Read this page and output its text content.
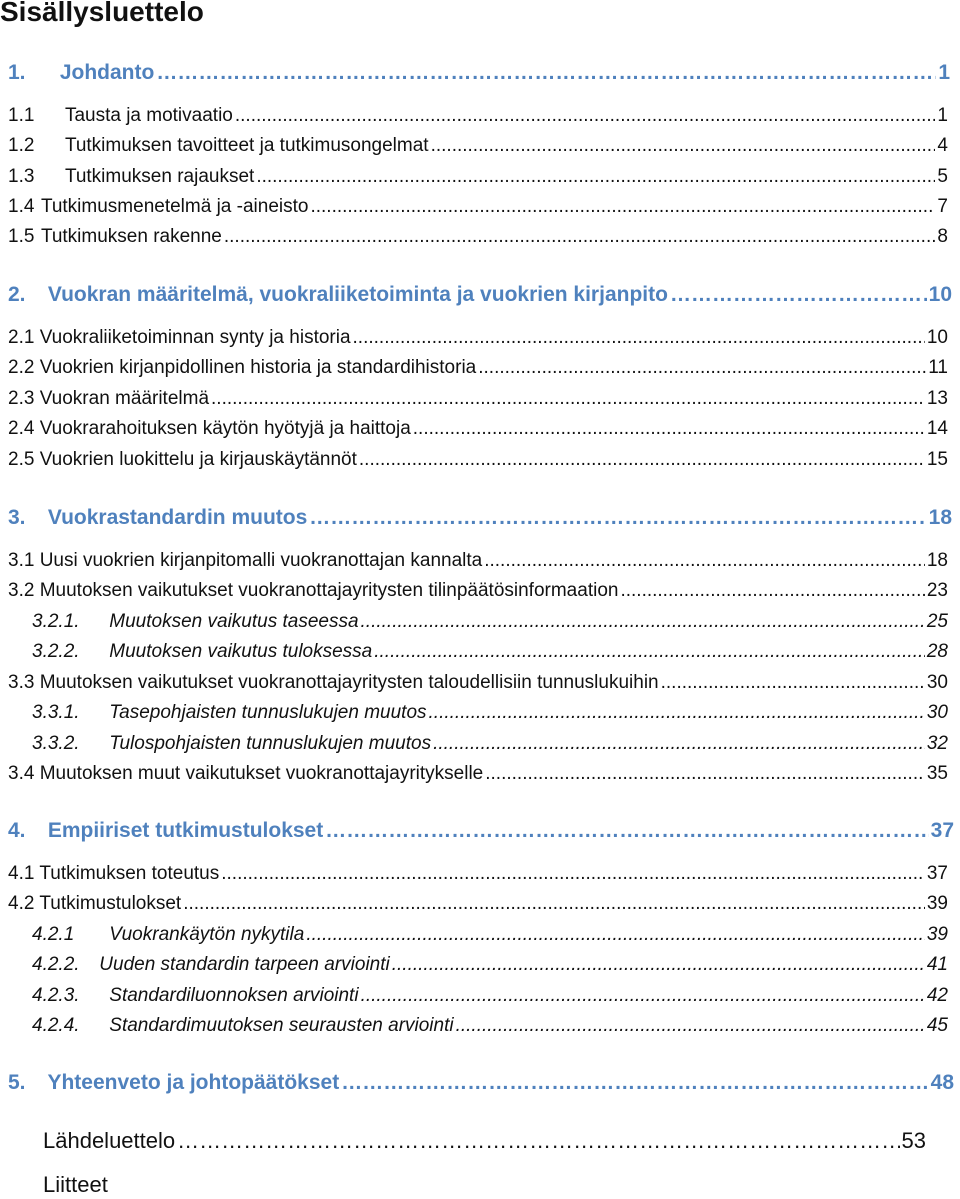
Sisällysluettelo
1. Johdanto ……………………………………………………………………………………………………………………………………………………	1
1.1 Tausta ja motivaatio .....	1
1.2 Tutkimuksen tavoitteet ja tutkimusongelmat .....	4
1.3 Tutkimuksen rajaukset .....	5
1.4 Tutkimusmenetelmä ja -aineisto .....	7
1.5 Tutkimuksen rakenne .....	8
2. Vuokran määritelmä, vuokraliiketoiminta ja vuokrien kirjanpito ……………………………………………………………………………………………………………………………………………………	10
2.1 Vuokraliiketoiminnan synty ja historia .....	10
2.2 Vuokrien kirjanpidollinen historia ja standardihistoria .....	11
2.3 Vuokran määritelmä .....	13
2.4 Vuokrarahoituksen käytön hyötyjä ja haittoja .....	14
2.5 Vuokrien luokittelu ja kirjauskäytännöt .....	15
3. Vuokrastandardin muutos ……………………………………………………………………………………………………………………………………………………	18
3.1 Uusi vuokrien kirjanpitomalli vuokranottajan kannalta .....	18
3.2 Muutoksen vaikutukset vuokranottajayritysten tilinpäätösinformaation .....	23
3.2.1. Muutoksen vaikutus taseessa .....	25
3.2.2. Muutoksen vaikutus tuloksessa .....	28
3.3 Muutoksen vaikutukset vuokranottajayritysten taloudellisiin tunnuslukuihin .....	30
3.3.1. Tasepohjaisten tunnuslukujen muutos .....	30
3.3.2. Tulospohjaisten tunnuslukujen muutos .....	32
3.4 Muutoksen muut vaikutukset vuokranottajayritykselle .....	35
4. Empiiriset tutkimustulokset ……………………………………………………………………………………………………………………………………………………	37
4.1 Tutkimuksen toteutus .....	37
4.2 Tutkimustulokset .....	39
4.2.1 Vuokrankäytön nykytila .....	39
4.2.2. Uuden standardin tarpeen arviointi .....	41
4.2.3. Standardiluonnoksen arviointi .....	42
4.2.4. Standardimuutoksen seurausten arviointi .....	45
5. Yhteenveto ja johtopäätökset ……………………………………………………………………………………………………………………………………………………	48
Lähdeluettelo ……………………………………………………………………………………………………………	53
Liitteet
